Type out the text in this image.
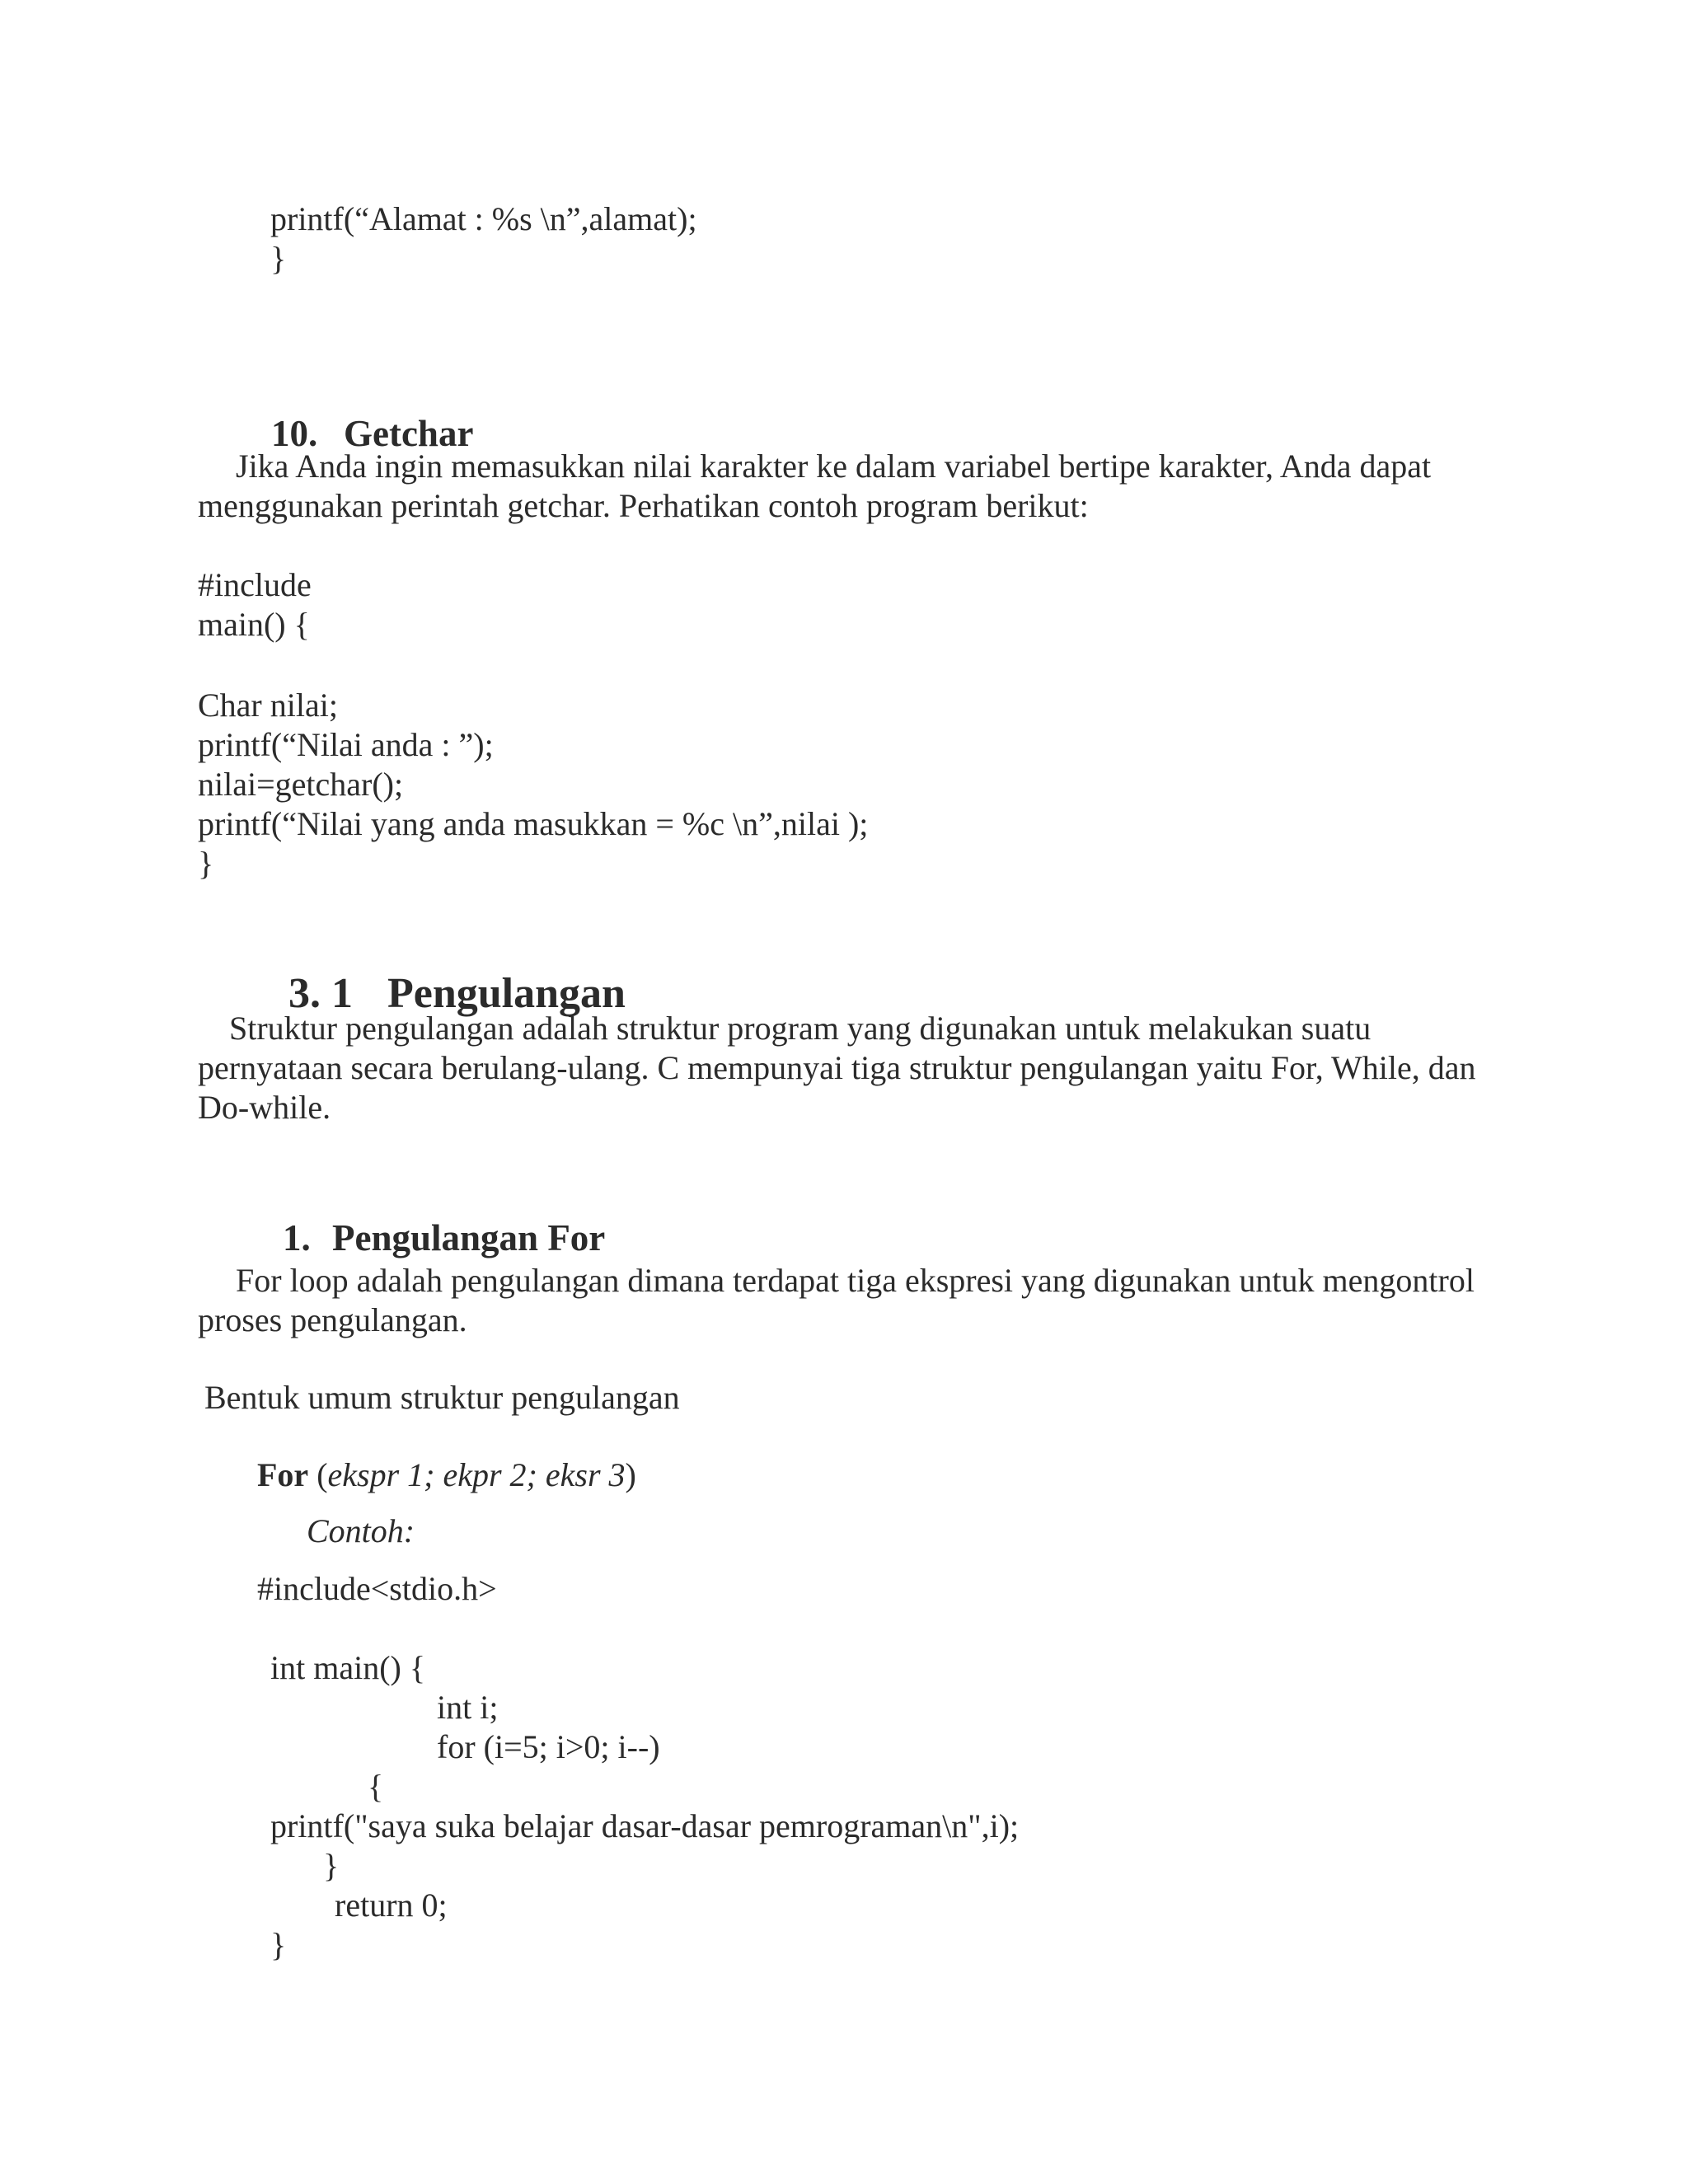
printf(“Alamat : %s \n”,alamat);

}

10. Getchar

Jika Anda ingin memasukkan nilai karakter ke dalam variabel bertipe karakter, Anda dapat

menggunakan perintah getchar. Perhatikan contoh program berikut:

#include

main() {

Char nilai;

printf(“Nilai anda : ”);

nilai=getchar();

printf(“Nilai yang anda masukkan = %c \n”,nilai );

}

3. 1 Pengulangan

Struktur pengulangan adalah struktur program yang digunakan untuk melakukan suatu

pernyataan secara berulang-ulang. C mempunyai tiga struktur pengulangan yaitu For, While, dan

Do-while.

1. Pengulangan For

For loop adalah pengulangan dimana terdapat tiga ekspresi yang digunakan untuk mengontrol

proses pengulangan.

Bentuk umum struktur pengulangan

For (ekspr 1; ekpr 2; eksr 3)

Contoh:

#include<stdio.h>

int main() {

int i;

for (i=5; i>0; i--)

{

printf("saya suka belajar dasar-dasar pemrograman\n",i);

}

return 0;

}
